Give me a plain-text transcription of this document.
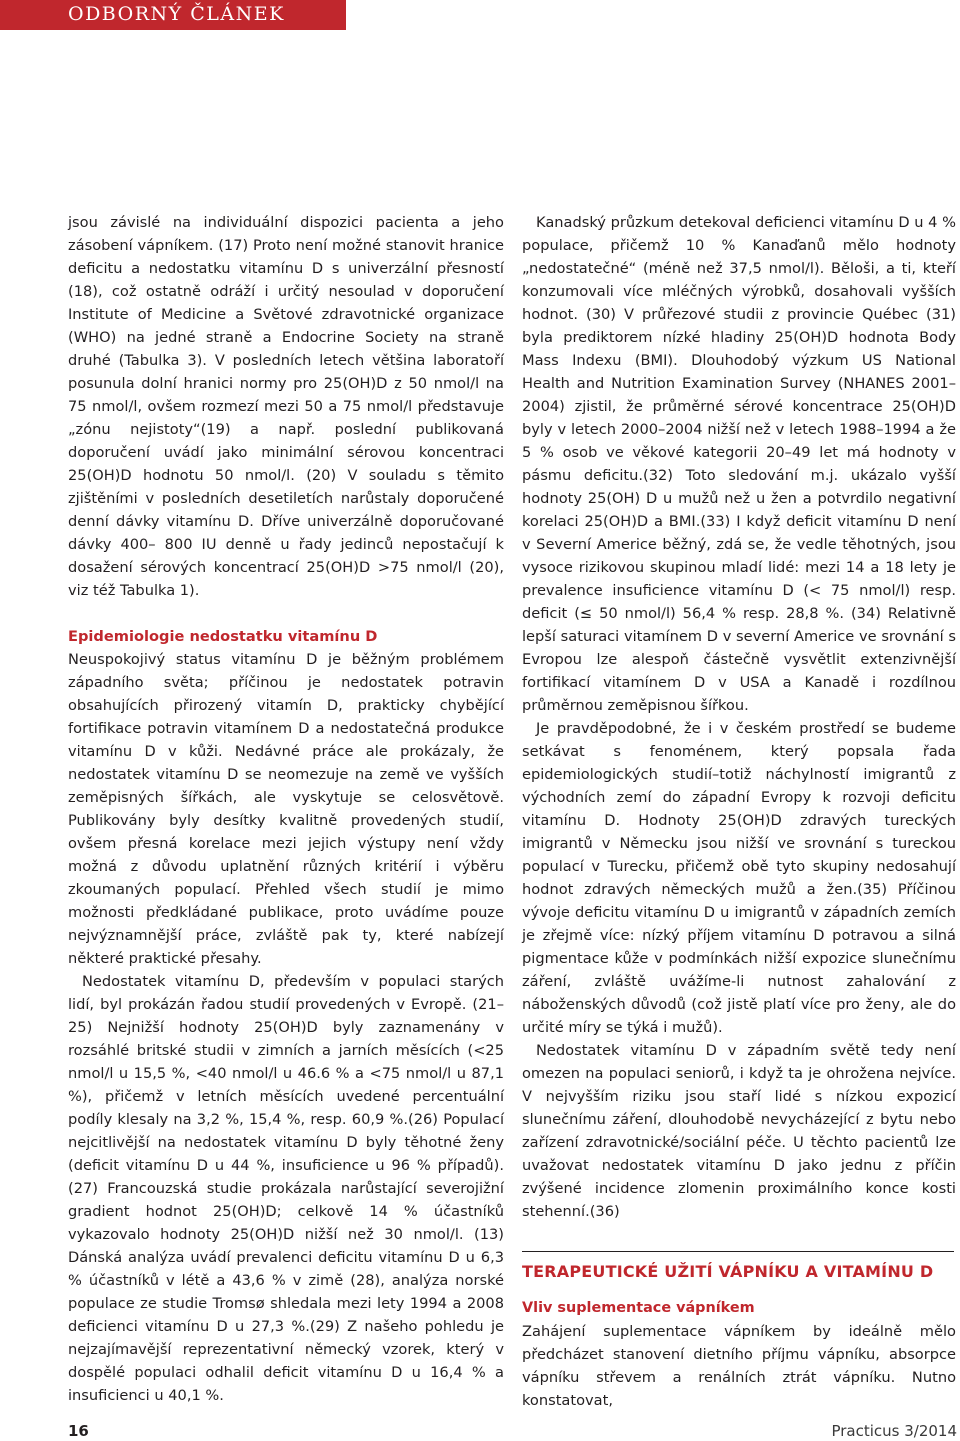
ODBORNÝ ČLÁNEK

jsou závislé na individuální dispozici pacienta a jeho zásobení vápníkem. (17) Proto není možné stanovit hranice deficitu a nedostatku vitamínu D s univerzální přesností (18), což ostatně odráží i určitý nesoulad v doporučení Institute of Medicine a Světové zdravotnické organizace (WHO) na jedné straně a Endocrine Society na straně druhé (Tabulka 3). V posledních letech většina laboratoří posunula dolní hranici normy pro 25(OH)D z 50 nmol/l na 75 nmol/l, ovšem rozmezí mezi 50 a 75 nmol/l představuje „zónu nejistoty“(19) a např. poslední publikovaná doporučení uvádí jako minimální sérovou koncentraci 25(OH)D hodnotu 50 nmol/l. (20) V souladu s těmito zjištěními v posledních desetiletích narůstaly doporučené denní dávky vitamínu D. Dříve univerzálně doporučované dávky 400– 800 IU denně u řady jedinců nepostačují k dosažení sérových koncentrací 25(OH)D >75 nmol/l (20), viz též Tabulka 1).

Epidemiologie nedostatku vitamínu D

Neuspokojivý status vitamínu D je běžným problémem západního světa; příčinou je nedostatek potravin obsahujících přirozený vitamín D, prakticky chybějící fortifikace potravin vitamínem D a nedostatečná produkce vitamínu D v kůži. Nedávné práce ale prokázaly, že nedostatek vitamínu D se neomezuje na země ve vyšších zeměpisných šířkách, ale vyskytuje se celosvětově. Publikovány byly desítky kvalitně provedených studií, ovšem přesná korelace mezi jejich výstupy není vždy možná z důvodu uplatnění různých kritérií i výběru zkoumaných populací. Přehled všech studií je mimo možnosti předkládané publikace, proto uvádíme pouze nejvýznamnější práce, zvláště pak ty, které nabízejí některé praktické přesahy.

Nedostatek vitamínu D, především v populaci starých lidí, byl prokázán řadou studií provedených v Evropě. (21–25) Nejnižší hodnoty 25(OH)D byly zaznamenány v rozsáhlé britské studii v zimních a jarních měsících (<25 nmol/l u 15,5 %, <40 nmol/l u 46.6 % a <75 nmol/l u 87,1 %), přičemž v letních měsících uvedené percentuální podíly klesaly na 3,2 %, 15,4 %, resp. 60,9 %.(26) Populací nejcitlivější na nedostatek vitamínu D byly těhotné ženy (deficit vitamínu D u 44 %, insuficience u 96 % případů). (27) Francouzská studie prokázala narůstající severojižní gradient hodnot 25(OH)D; celkově 14 % účastníků vykazovalo hodnoty 25(OH)D nižší než 30 nmol/l. (13) Dánská analýza uvádí prevalenci deficitu vitamínu D u 6,3 % účastníků v létě a 43,6 % v zimě (28), analýza norské populace ze studie Tromsø shledala mezi lety 1994 a 2008 deficienci vitamínu D u 27,3 %.(29) Z našeho pohledu je nejzajímavější reprezentativní německý vzorek, který v dospělé populaci odhalil deficit vitamínu D u 16,4 % a insuficienci u 40,1 %.

Kanadský průzkum detekoval deficienci vitamínu D u 4 % populace, přičemž 10 % Kanaďanů mělo hodnoty „nedostatečné“ (méně než 37,5 nmol/l). Běloši, a ti, kteří konzumovali více mléčných výrobků, dosahovali vyšších hodnot. (30) V průřezové studii z provincie Québec (31) byla prediktorem nízké hladiny 25(OH)D hodnota Body Mass Indexu (BMI). Dlouhodobý výzkum US National Health and Nutrition Examination Survey (NHANES 2001–2004) zjistil, že průměrné sérové koncentrace 25(OH)D byly v letech 2000–2004 nižší než v letech 1988–1994 a že 5 % osob ve věkové kategorii 20–49 let má hodnoty v pásmu deficitu.(32) Toto sledování m.j. ukázalo vyšší hodnoty 25(OH) D u mužů než u žen a potvrdilo negativní korelaci 25(OH)D a BMI.(33) I když deficit vitamínu D není v Severní Americe běžný, zdá se, že vedle těhotných, jsou vysoce rizikovou skupinou mladí lidé: mezi 14 a 18 lety je prevalence insuficience vitamínu D (< 75 nmol/l) resp. deficit (≤ 50 nmol/l) 56,4 % resp. 28,8 %. (34) Relativně lepší saturaci vitamínem D v severní Americe ve srovnání s Evropou lze alespoň částečně vysvětlit extenzivnější fortifikací vitamínem D v USA a Kanadě i rozdílnou průměrnou zeměpisnou šířkou.

Je pravděpodobné, že i v českém prostředí se budeme setkávat s fenoménem, který popsala řada epidemiologických studií–totiž náchylností imigrantů z východních zemí do západní Evropy k rozvoji deficitu vitamínu D. Hodnoty 25(OH)D zdravých tureckých imigrantů v Německu jsou nižší ve srovnání s tureckou populací v Turecku, přičemž obě tyto skupiny nedosahují hodnot zdravých německých mužů a žen.(35) Příčinou vývoje deficitu vitamínu D u imigrantů v západních zemích je zřejmě více: nízký příjem vitamínu D potravou a silná pigmentace kůže v podmínkách nižší expozice slunečnímu záření, zvláště uvážíme-li nutnost zahalování z náboženských důvodů (což jistě platí více pro ženy, ale do určité míry se týká i mužů).

Nedostatek vitamínu D v západním světě tedy není omezen na populaci seniorů, i když ta je ohrožena nejvíce. V nejvyšším riziku jsou staří lidé s nízkou expozicí slunečnímu záření, dlouhodobě nevycházející z bytu nebo zařízení zdravotnické/sociální péče. U těchto pacientů lze uvažovat nedostatek vitamínu D jako jednu z příčin zvýšené incidence zlomenin proximálního konce kosti stehenní.(36)

TERAPEUTICKÉ UŽITÍ VÁPNÍKU A VITAMÍNU D
Vliv suplementace vápníkem

Zahájení suplementace vápníkem by ideálně mělo předcházet stanovení dietního příjmu vápníku, absorpce vápníku střevem a renálních ztrát vápníku. Nutno konstatovat,

16	Practicus 3/2014
